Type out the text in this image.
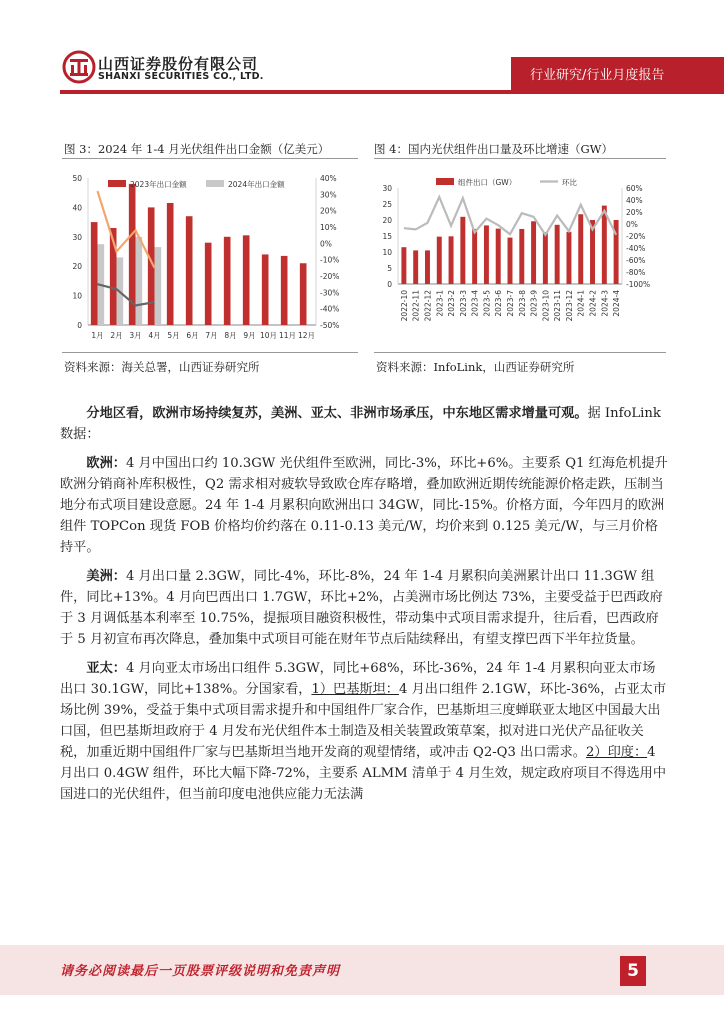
山西证券股份有限公司
SHANXI SECURITIES CO., LTD.	行业研究/行业月度报告
图 3：2024 年 1-4 月光伏组件出口金额（亿美元）	图 4：国内光伏组件出口量及环比增速（GW）
0
10
20
30
40
50
-50%
-40%
-30%
-20%
-10%
0%
10%
20%
30%
40%
1月 2月 3月 4月 5月 6月 7月 8月 9月 10月 11月 12月
2023年出口金额	2024年出口金额
0
5
10
15
20
25
30
-100%
-80%
-60%
-40%
-20%
0%
20%
40%
60%
2022-10 2022-11 2022-12 2023-1 2023-2 2023-3 2023-4 2023-5 2023-6 2023-7 2023-8 2023-9 2023-10 2023-11 2023-12 2024-1 2024-2 2024-3 2024-4
组件出口（GW）	环比
资料来源：海关总署，山西证券研究所	资料来源：InfoLink，山西证券研究所

分地区看，欧洲市场持续复苏，美洲、亚太、非洲市场承压，中东地区需求增量可观。据 InfoLink 数据：

欧洲：4 月中国出口约 10.3GW 光伏组件至欧洲，同比-3%，环比+6%。主要系 Q1 红海危机提升欧洲分销商补库积极性，Q2 需求相对疲软导致欧仓库存略增，叠加欧洲近期传统能源价格走跌，压制当地分布式项目建设意愿。24 年 1-4 月累积向欧洲出口 34GW，同比-15%。价格方面，今年四月的欧洲组件 TOPCon 现货 FOB 价格均价约落在 0.11-0.13 美元/W，均价来到 0.125 美元/W，与三月价格持平。

美洲：4 月出口量 2.3GW，同比-4%，环比-8%，24 年 1-4 月累积向美洲累计出口 11.3GW 组件，同比+13%。4 月向巴西出口 1.7GW，环比+2%，占美洲市场比例达 73%，主要受益于巴西政府于 3 月调低基本利率至 10.75%，提振项目融资积极性，带动集中式项目需求提升，往后看，巴西政府于 5 月初宣布再次降息，叠加集中式项目可能在财年节点后陆续释出，有望支撑巴西下半年拉货量。

亚太：4 月向亚太市场出口组件 5.3GW，同比+68%，环比-36%，24 年 1-4 月累积向亚太市场出口 30.1GW，同比+138%。分国家看，1）巴基斯坦：4 月出口组件 2.1GW，环比-36%，占亚太市场比例 39%，受益于集中式项目需求提升和中国组件厂家合作，巴基斯坦三度蝉联亚太地区中国最大出口国，但巴基斯坦政府于 4 月发布光伏组件本土制造及相关装置政策草案，拟对进口光伏产品征收关税，加重近期中国组件厂家与巴基斯坦当地开发商的观望情绪，或冲击 Q2-Q3 出口需求。2）印度：4 月出口 0.4GW 组件，环比大幅下降-72%，主要系 ALMM 清单于 4 月生效，规定政府项目不得选用中国进口的光伏组件，但当前印度电池供应能力无法满

请务必阅读最后一页股票评级说明和免责声明	5
